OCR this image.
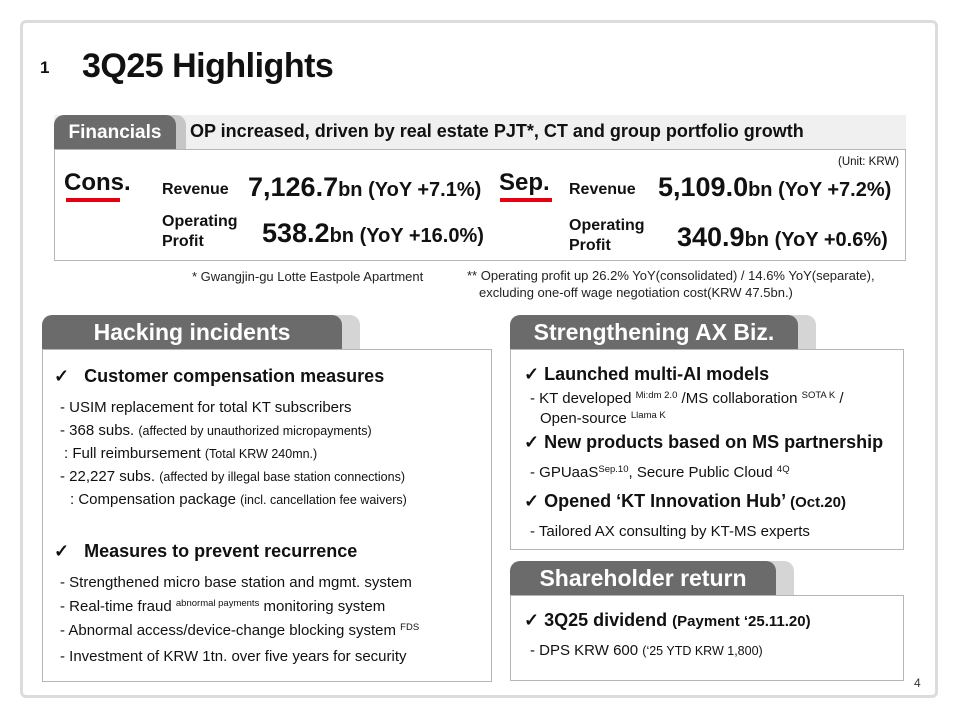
1 3Q25 Highlights
Financials	OP increased, driven by real estate PJT*, CT and group portfolio growth
(Unit: KRW)
Cons. Revenue 7,126.7bn (YoY +7.1%)
Operating
Profit	538.2bn (YoY +16.0%)
Sep. Revenue 5,109.0bn (YoY +7.2%)
Operating
Profit	340.9bn (YoY +0.6%)
* Gwangjin-gu Lotte Eastpole Apartment	** Operating profit up 26.2% YoY(consolidated) / 14.6% YoY(separate),
excluding one-off wage negotiation cost(KRW 47.5bn.)
Hacking incidents
✓ Customer compensation measures
- USIM replacement for total KT subscribers
- 368 subs. (affected by unauthorized micropayments)
: Full reimbursement (Total KRW 240mn.)
- 22,227 subs. (affected by illegal base station connections)
: Compensation package (incl. cancellation fee waivers)
✓ Measures to prevent recurrence
- Strengthened micro base station and mgmt. system
- Real-time fraud $^{abnormal payments}$ monitoring system
- Abnormal access/device-change blocking system $^{FDS}$
- Investment of KRW 1tn. over five years for security
Strengthening AX Biz.
✓ Launched multi-AI models
- KT developed $^{Mi:dm 2.0}$ /MS collaboration $^{SOTA K}$ /
Open-source $^{Llama K}$
✓ New products based on MS partnership
- GPUaaS$^{Sep.10}$, Secure Public Cloud $^{4Q}$
✓ Opened ‘KT Innovation Hub’ (Oct.20)
- Tailored AX consulting by KT-MS experts
Shareholder return
✓ 3Q25 dividend (Payment ‘25.11.20)
- DPS KRW 600 (‘25 YTD KRW 1,800)
4
